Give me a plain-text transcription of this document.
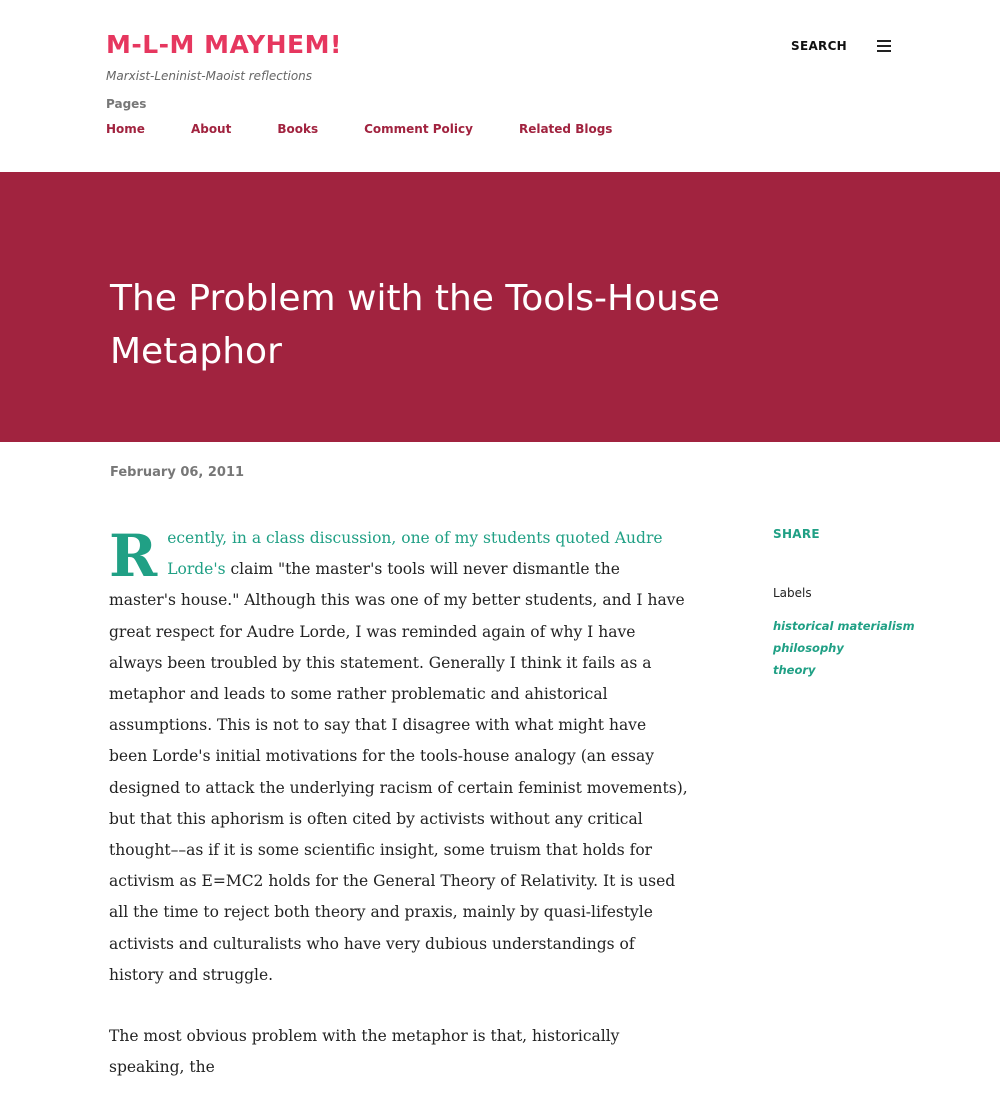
M-L-M MAYHEM!
Marxist-Leninist-Maoist reflections
SEARCH
Pages
Home	About	Books	Comment Policy	Related Blogs
The Problem with the Tools-House Metaphor
February 06, 2011

Recently, in a class discussion, one of my students quoted Audre Lorde's claim "the master's tools will never dismantle the master's house." Although this was one of my better students, and I have great respect for Audre Lorde, I was reminded again of why I have always been troubled by this statement. Generally I think it fails as a metaphor and leads to some rather problematic and ahistorical assumptions. This is not to say that I disagree with what might have been Lorde's initial motivations for the tools-house analogy (an essay designed to attack the underlying racism of certain feminist movements), but that this aphorism is often cited by activists without any critical thought––as if it is some scientific insight, some truism that holds for activism as E=MC2 holds for the General Theory of Relativity. It is used all the time to reject both theory and praxis, mainly by quasi-lifestyle activists and culturalists who have very dubious understandings of history and struggle.

The most obvious problem with the metaphor is that, historically speaking, the

SHARE
Labels
historical materialism
philosophy
theory
